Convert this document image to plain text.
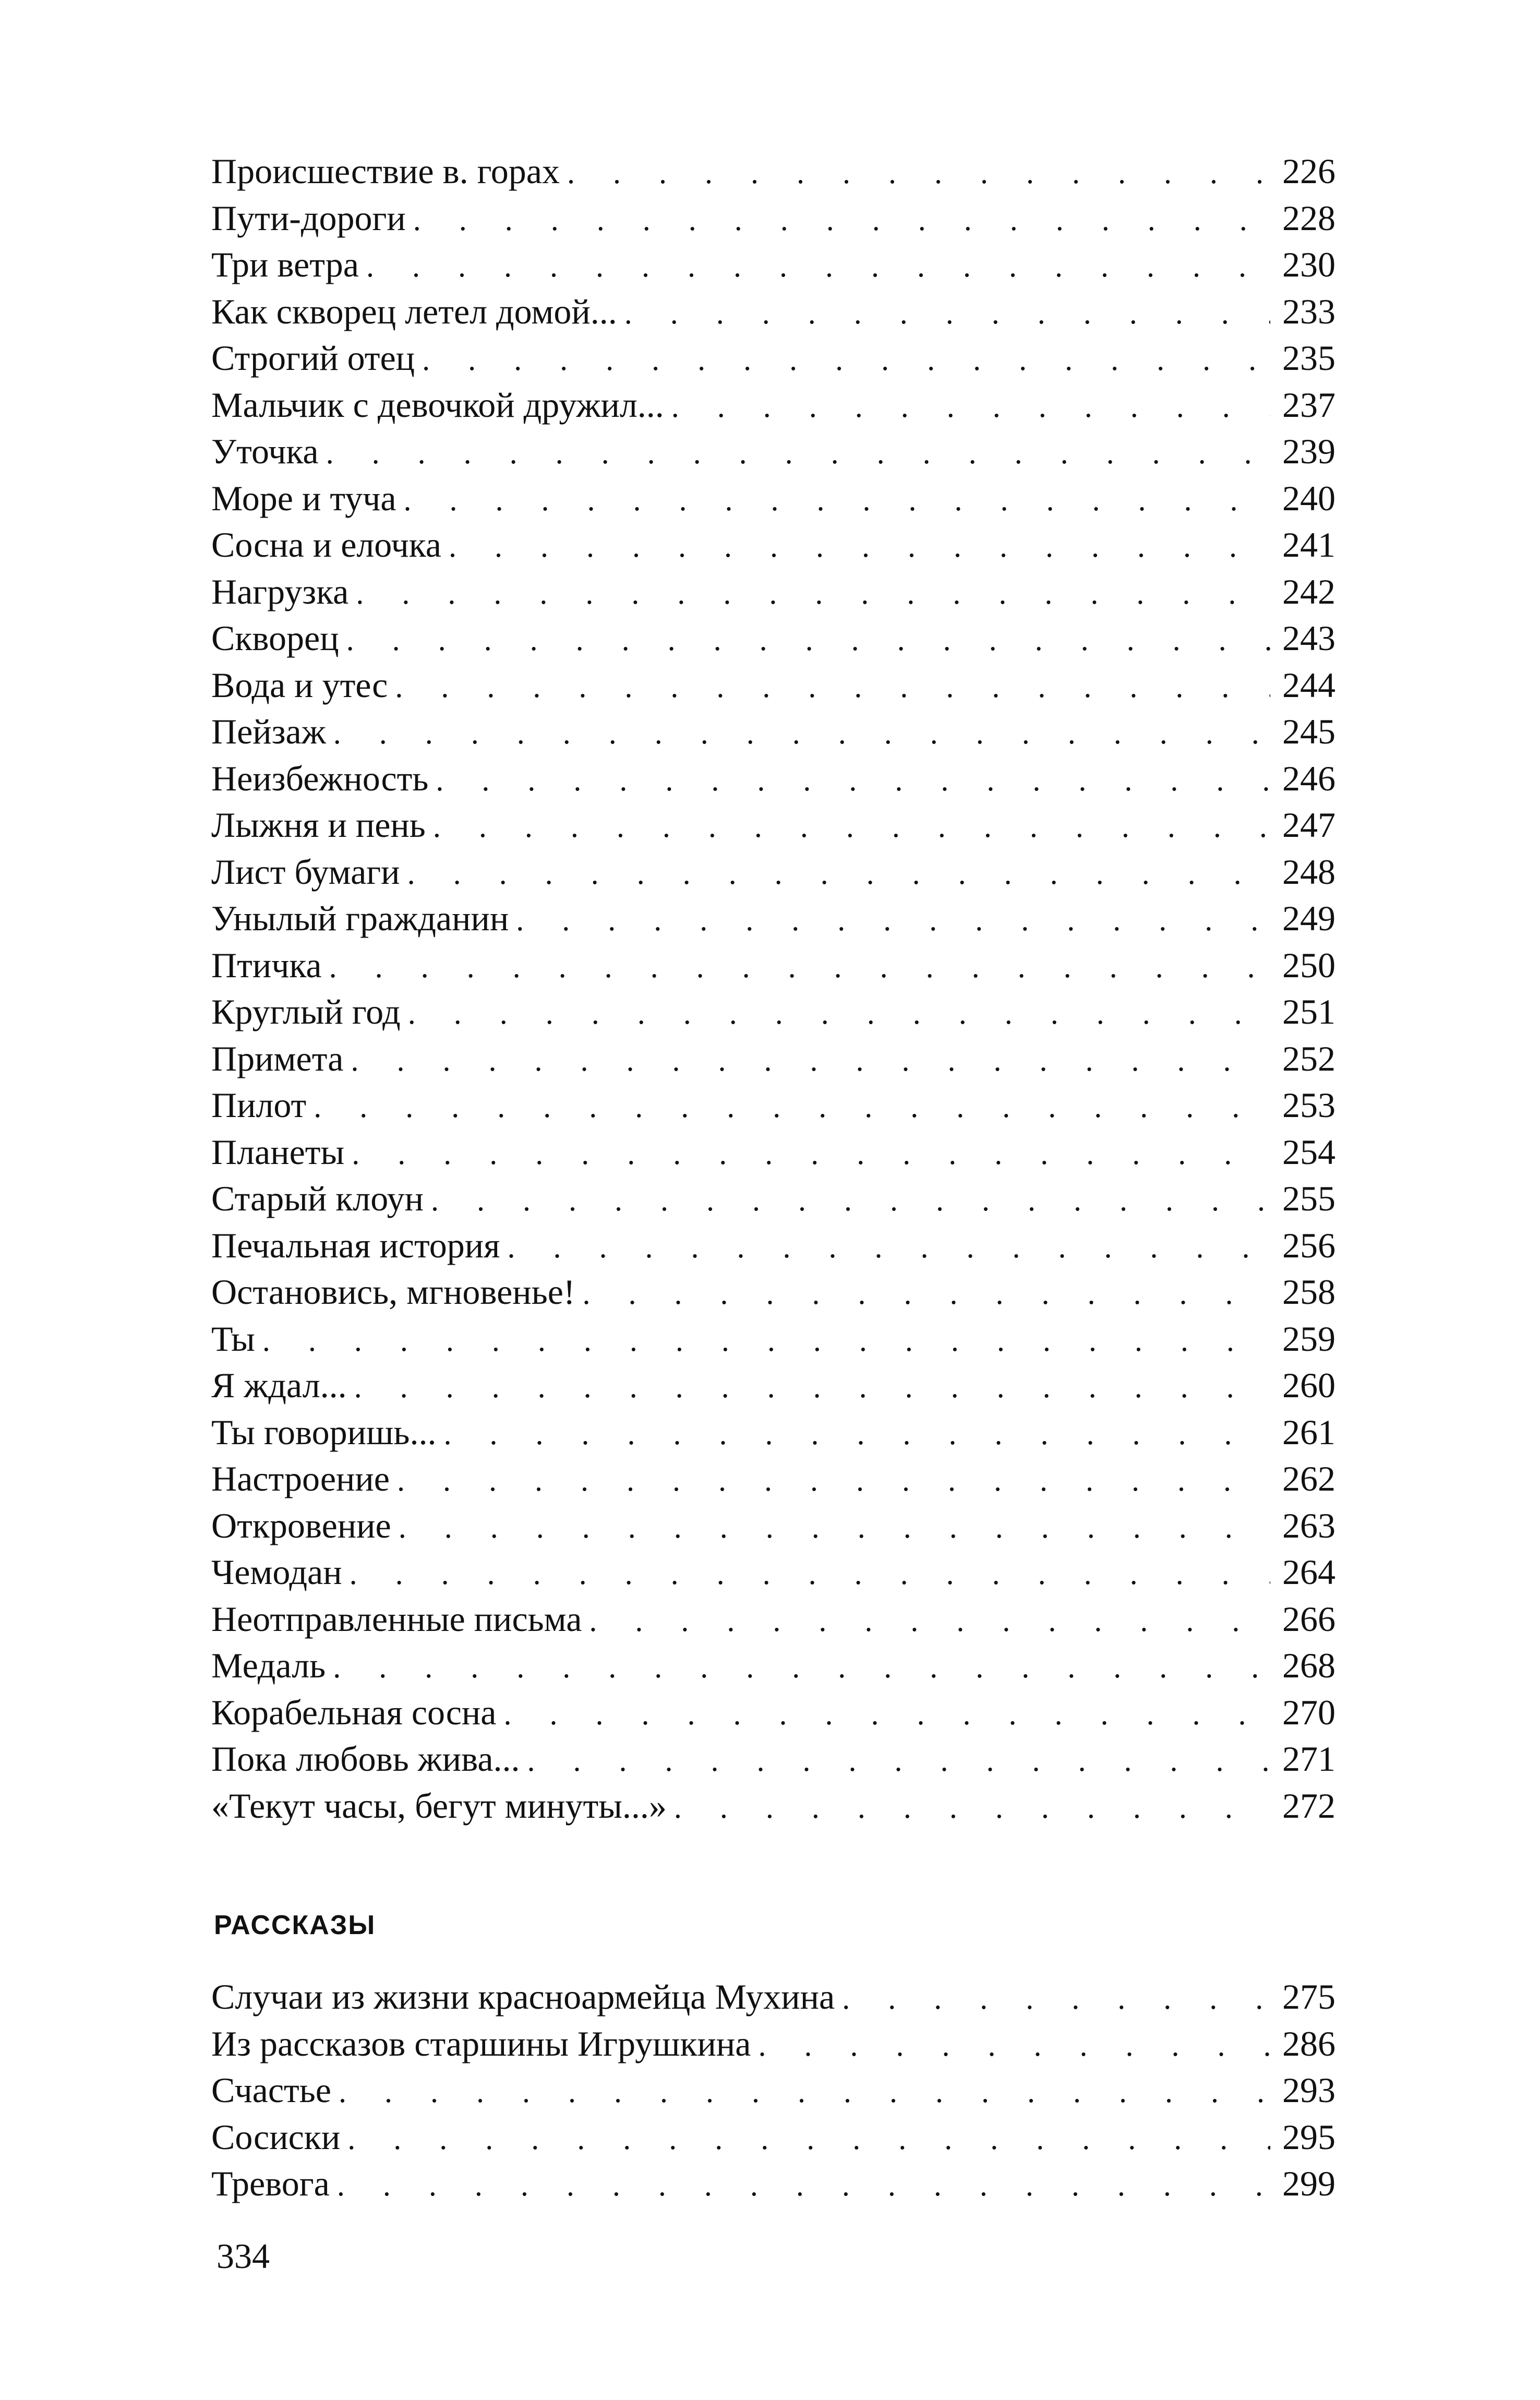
Происшествие в. горах . . .	226
Пути-дороги . . .	228
Три ветра . . .	230
Как скворец летел домой... . . .	233
Строгий отец . . .	235
Мальчик с девочкой дружил... . . .	237
Уточка . . .	239
Море и туча . . .	240
Сосна и елочка . . .	241
Нагрузка . . .	242
Скворец . . .	243
Вода и утес . . .	244
Пейзаж . . .	245
Неизбежность . . .	246
Лыжня и пень . . .	247
Лист бумаги . . .	248
Унылый гражданин . . .	249
Птичка . . .	250
Круглый год . . .	251
Примета . . .	252
Пилот . . .	253
Планеты . . .	254
Старый клоун . . .	255
Печальная история . . .	256
Остановись, мгновенье! . . .	258
Ты . . .	259
Я ждал... . . .	260
Ты говоришь... . . .	261
Настроение . . .	262
Откровение . . .	263
Чемодан . . .	264
Неотправленные письма . . .	266
Медаль . . .	268
Корабельная сосна . . .	270
Пока любовь жива... . . .	271
«Текут часы, бегут минуты...» . . .	272
РАССКАЗЫ
Случаи из жизни красноармейца Мухина . . .	275
Из рассказов старшины Игрушкина . . .	286
Счастье . . .	293
Сосиски . . .	295
Тревога . . .	299
334
